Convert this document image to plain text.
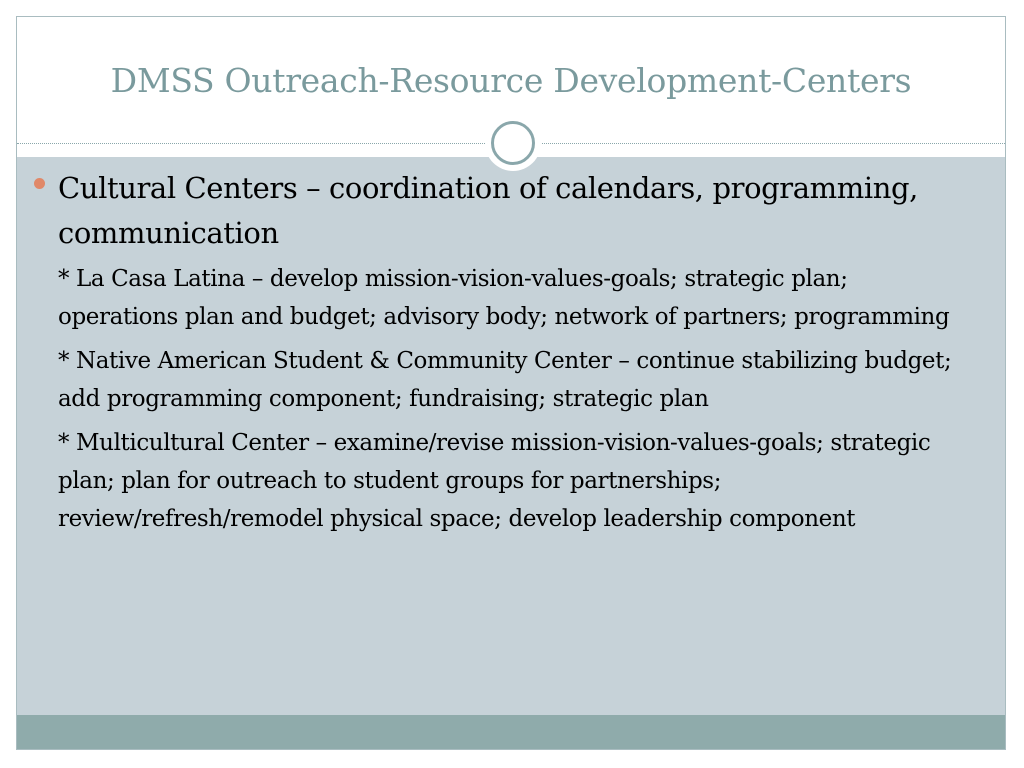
DMSS Outreach-Resource Development-Centers
Cultural Centers – coordination of calendars, programming, communication
* La Casa Latina – develop mission-vision-values-goals; strategic plan; operations plan and budget; advisory body; network of partners; programming
* Native American Student & Community Center – continue stabilizing budget; add programming component; fundraising; strategic plan
* Multicultural Center – examine/revise mission-vision-values-goals; strategic plan; plan for outreach to student groups for partnerships; review/refresh/remodel physical space; develop leadership component
